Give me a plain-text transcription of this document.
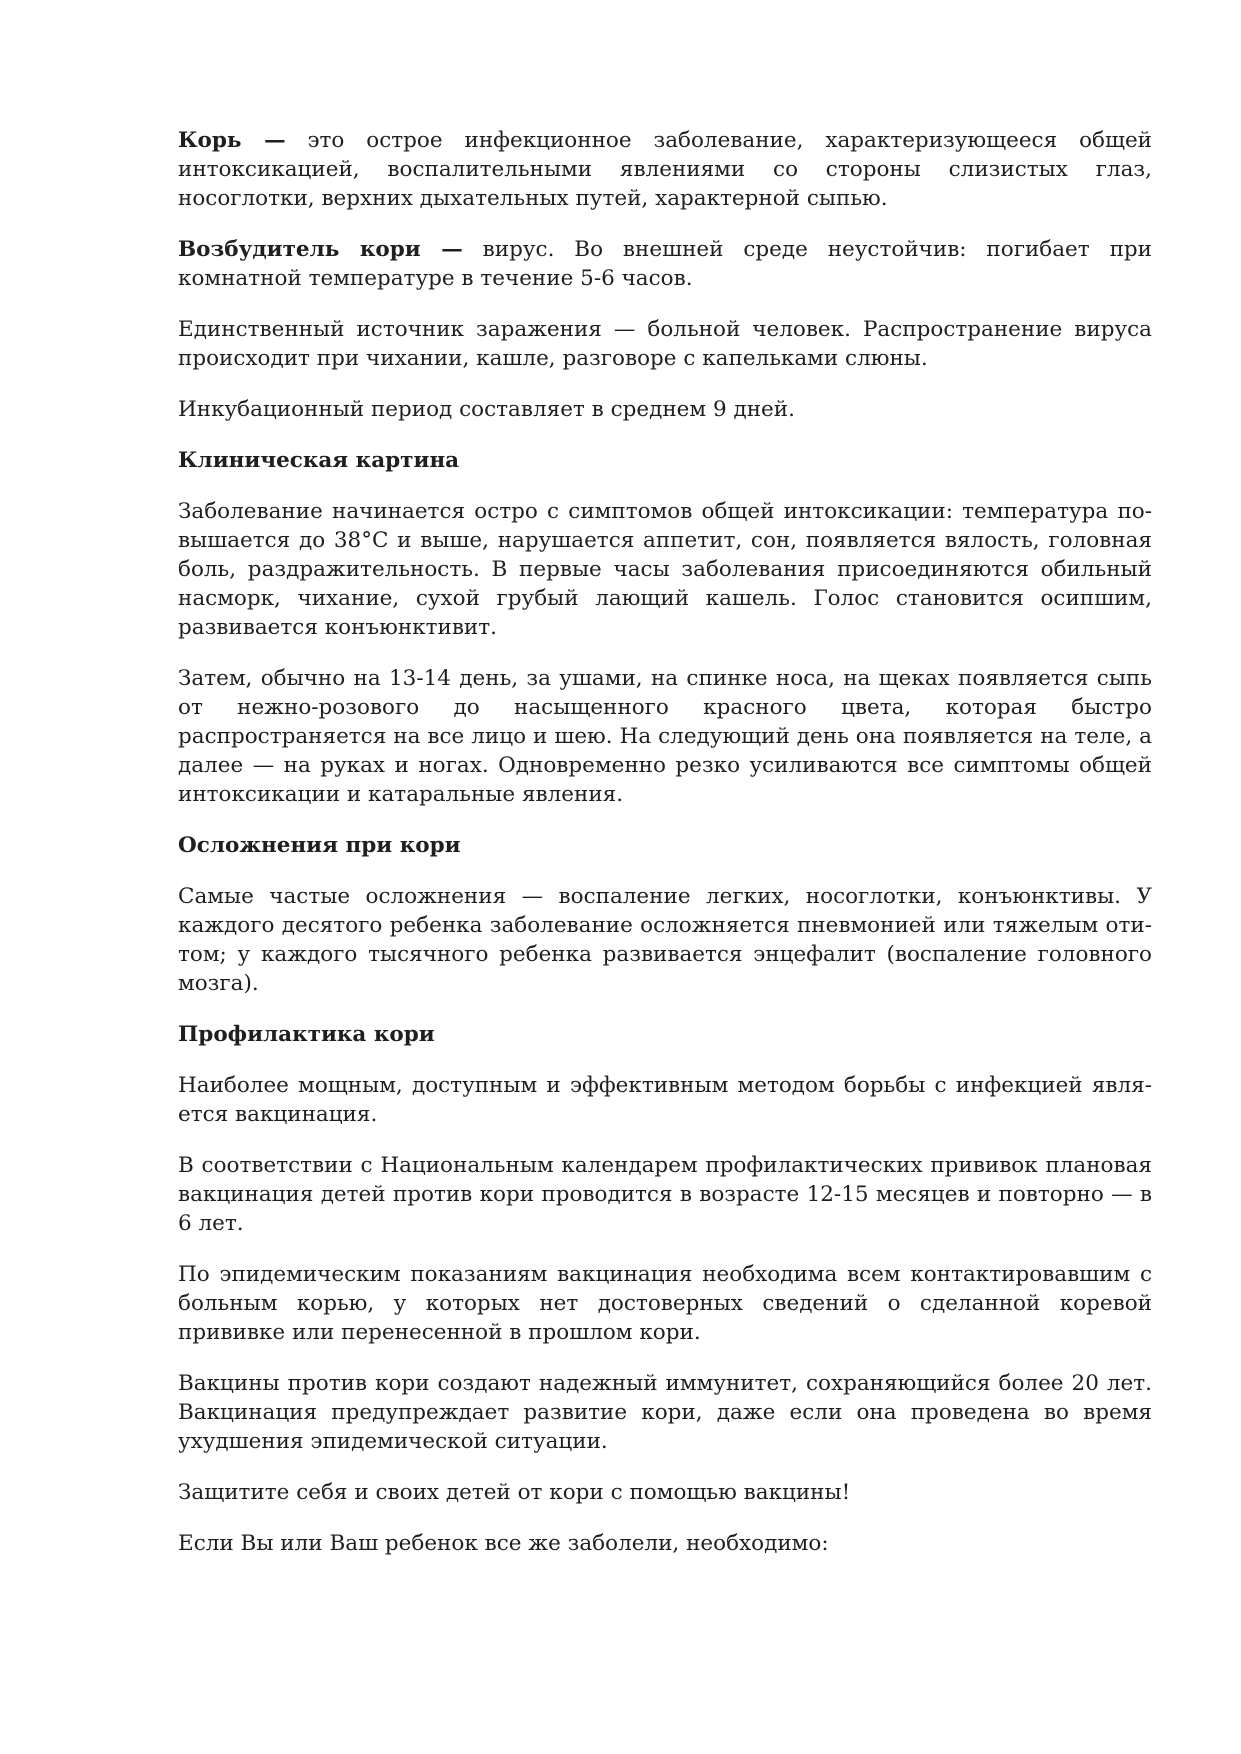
Корь — это острое инфекционное заболевание, характеризующееся общей интоксикацией, воспалительными явлениями со стороны слизистых глаз, носоглотки, верхних дыхательных путей, характерной сыпью.

Возбудитель кори — вирус. Во внешней среде неустойчив: погибает при комнатной температуре в течение 5-6 часов.

Единственный источник заражения — больной человек. Распространение вируса происходит при чихании, кашле, разговоре с капельками слюны.

Инкубационный период составляет в среднем 9 дней.

Клиническая картина

Заболевание начинается остро с симптомов общей интоксикации: температура повышается до 38°С и выше, нарушается аппетит, сон, появляется вялость, головная боль, раздражительность. В первые часы заболевания присоединяются обильный насморк, чихание, сухой грубый лающий кашель. Голос становится осипшим, развивается конъюнктивит.

Затем, обычно на 13-14 день, за ушами, на спинке носа, на щеках появляется сыпь от нежно-розового до насыщенного красного цвета, которая быстро распространяется на все лицо и шею. На следующий день она появляется на теле, а далее — на руках и ногах. Одновременно резко усиливаются все симптомы общей интоксикации и катаральные явления.

Осложнения при кори

Самые частые осложнения — воспаление легких, носоглотки, конъюнктивы. У каждого десятого ребенка заболевание осложняется пневмонией или тяжелым отитом; у каждого тысячного ребенка развивается энцефалит (воспаление головного мозга).

Профилактика кори

Наиболее мощным, доступным и эффективным методом борьбы с инфекцией является вакцинация.

В соответствии с Национальным календарем профилактических прививок плановая вакцинация детей против кори проводится в возрасте 12-15 месяцев и повторно — в 6 лет.

По эпидемическим показаниям вакцинация необходима всем контактировавшим с больным корью, у которых нет достоверных сведений о сделанной коревой прививке или перенесенной в прошлом кори.

Вакцины против кори создают надежный иммунитет, сохраняющийся более 20 лет. Вакцинация предупреждает развитие кори, даже если она проведена во время ухудшения эпидемической ситуации.

Защитите себя и своих детей от кори с помощью вакцины!

Если Вы или Ваш ребенок все же заболели, необходимо:
